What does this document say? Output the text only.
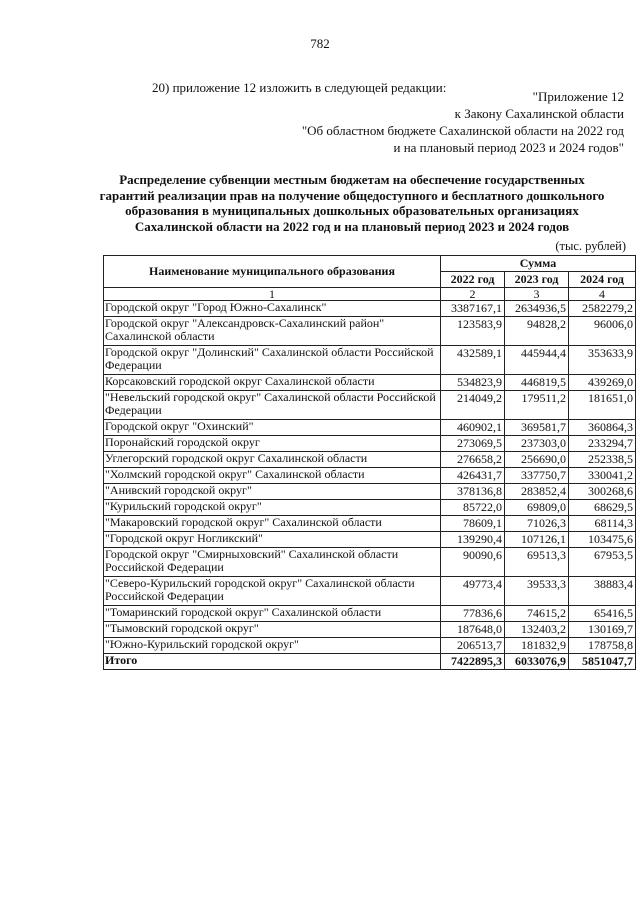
782
20) приложение 12 изложить в следующей редакции:
"Приложение 12
к Закону Сахалинской области
"Об областном бюджете Сахалинской области на 2022 год
и на плановый период 2023 и 2024 годов"
Распределение субвенции местным бюджетам на обеспечение государственных гарантий реализации прав на получение общедоступного и бесплатного дошкольного образования в муниципальных дошкольных образовательных организациях Сахалинской области на 2022 год и на плановый период 2023 и 2024 годов
(тыс. рублей)
Наименование муниципального образования	Сумма		
	2022 год	2023 год	2024 год
1	2	3	4
Городской округ "Город Южно-Сахалинск"	3387167,1	2634936,5	2582279,2
Городской округ "Александровск-Сахалинский район" Сахалинской области	123583,9	94828,2	96006,0
Городской округ "Долинский" Сахалинской области Российской Федерации	432589,1	445944,4	353633,9
Корсаковский городской округ Сахалинской области	534823,9	446819,5	439269,0
"Невельский городской округ" Сахалинской области Российской Федерации	214049,2	179511,2	181651,0
Городской округ "Охинский"	460902,1	369581,7	360864,3
Поронайский городской округ	273069,5	237303,0	233294,7
Углегорский городской округ Сахалинской области	276658,2	256690,0	252338,5
"Холмский городской округ" Сахалинской области	426431,7	337750,7	330041,2
"Анивский городской округ"	378136,8	283852,4	300268,6
"Курильский городской округ"	85722,0	69809,0	68629,5
"Макаровский городской округ" Сахалинской области	78609,1	71026,3	68114,3
"Городской округ Ногликский"	139290,4	107126,1	103475,6
Городской округ "Смирныховский" Сахалинской области Российской Федерации	90090,6	69513,3	67953,5
"Северо-Курильский городской округ" Сахалинской области Российской Федерации	49773,4	39533,3	38883,4
"Томаринский городской округ" Сахалинской области	77836,6	74615,2	65416,5
"Тымовский городской округ"	187648,0	132403,2	130169,7
"Южно-Курильский городской округ"	206513,7	181832,9	178758,8
Итого	7422895,3	6033076,9	5851047,7
